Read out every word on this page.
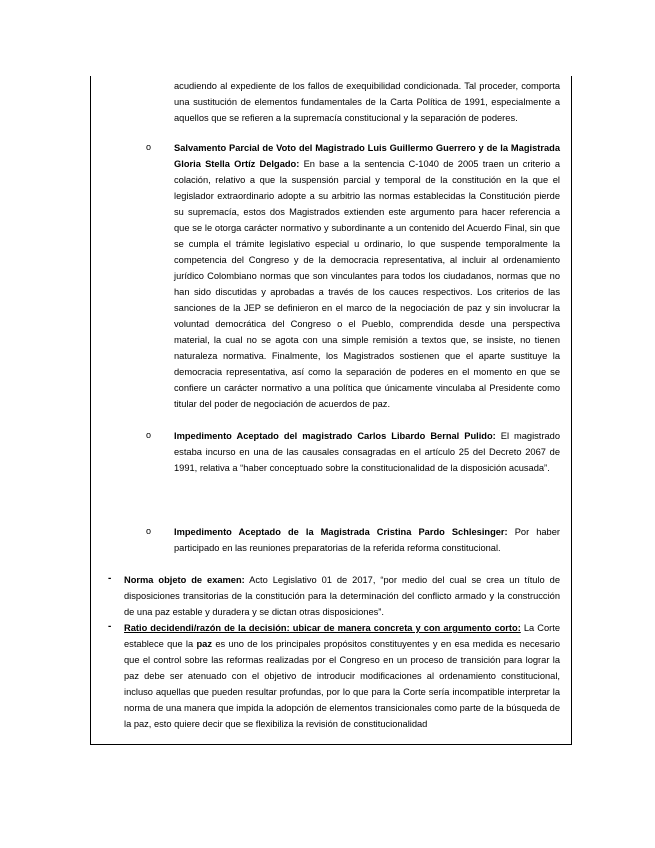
acudiendo al expediente de los fallos de exequibilidad condicionada. Tal proceder, comporta una sustitución de elementos fundamentales de la Carta Política de 1991, especialmente a aquellos que se refieren a la supremacía constitucional y la separación de poderes.

o Salvamento Parcial de Voto del Magistrado Luis Guillermo Guerrero y de la Magistrada Gloria Stella Ortíz Delgado: En base a la sentencia C-1040 de 2005 traen un criterio a colación, relativo a que la suspensión parcial y temporal de la constitución en la que el legislador extraordinario adopte a su arbitrio las normas establecidas la Constitución pierde su supremacía, estos dos Magistrados extienden este argumento para hacer referencia a que se le otorga carácter normativo y subordinante a un contenido del Acuerdo Final, sin que se cumpla el trámite legislativo especial u ordinario, lo que suspende temporalmente la competencia del Congreso y de la democracia representativa, al incluir al ordenamiento jurídico Colombiano normas que son vinculantes para todos los ciudadanos, normas que no han sido discutidas y aprobadas a través de los cauces respectivos. Los criterios de las sanciones de la JEP se definieron en el marco de la negociación de paz y sin involucrar la voluntad democrática del Congreso o el Pueblo, comprendida desde una perspectiva material, la cual no se agota con una simple remisión a textos que, se insiste, no tienen naturaleza normativa. Finalmente, los Magistrados sostienen que el aparte sustituye la democracia representativa, así como la separación de poderes en el momento en que se confiere un carácter normativo a una política que únicamente vinculaba al Presidente como titular del poder de negociación de acuerdos de paz.

o Impedimento Aceptado del magistrado Carlos Libardo Bernal Pulido: El magistrado estaba incurso en una de las causales consagradas en el artículo 25 del Decreto 2067 de 1991, relativa a “haber conceptuado sobre la constitucionalidad de la disposición acusada”.

o Impedimento Aceptado de la Magistrada Cristina Pardo Schlesinger: Por haber participado en las reuniones preparatorias de la referida reforma constitucional.

- Norma objeto de examen: Acto Legislativo 01 de 2017, “por medio del cual se crea un título de disposiciones transitorias de la constitución para la determinación del conflicto armado y la construcción de una paz estable y duradera y se dictan otras disposiciones”.

- Ratio decidendi/razón de la decisión: ubicar de manera concreta y con argumento corto: La Corte establece que la paz es uno de los principales propósitos constituyentes y en esa medida es necesario que el control sobre las reformas realizadas por el Congreso en un proceso de transición para lograr la paz debe ser atenuado con el objetivo de introducir modificaciones al ordenamiento constitucional, incluso aquellas que pueden resultar profundas, por lo que para la Corte sería incompatible interpretar la norma de una manera que impida la adopción de elementos transicionales como parte de la búsqueda de la paz, esto quiere decir que se flexibiliza la revisión de constitucionalidad
